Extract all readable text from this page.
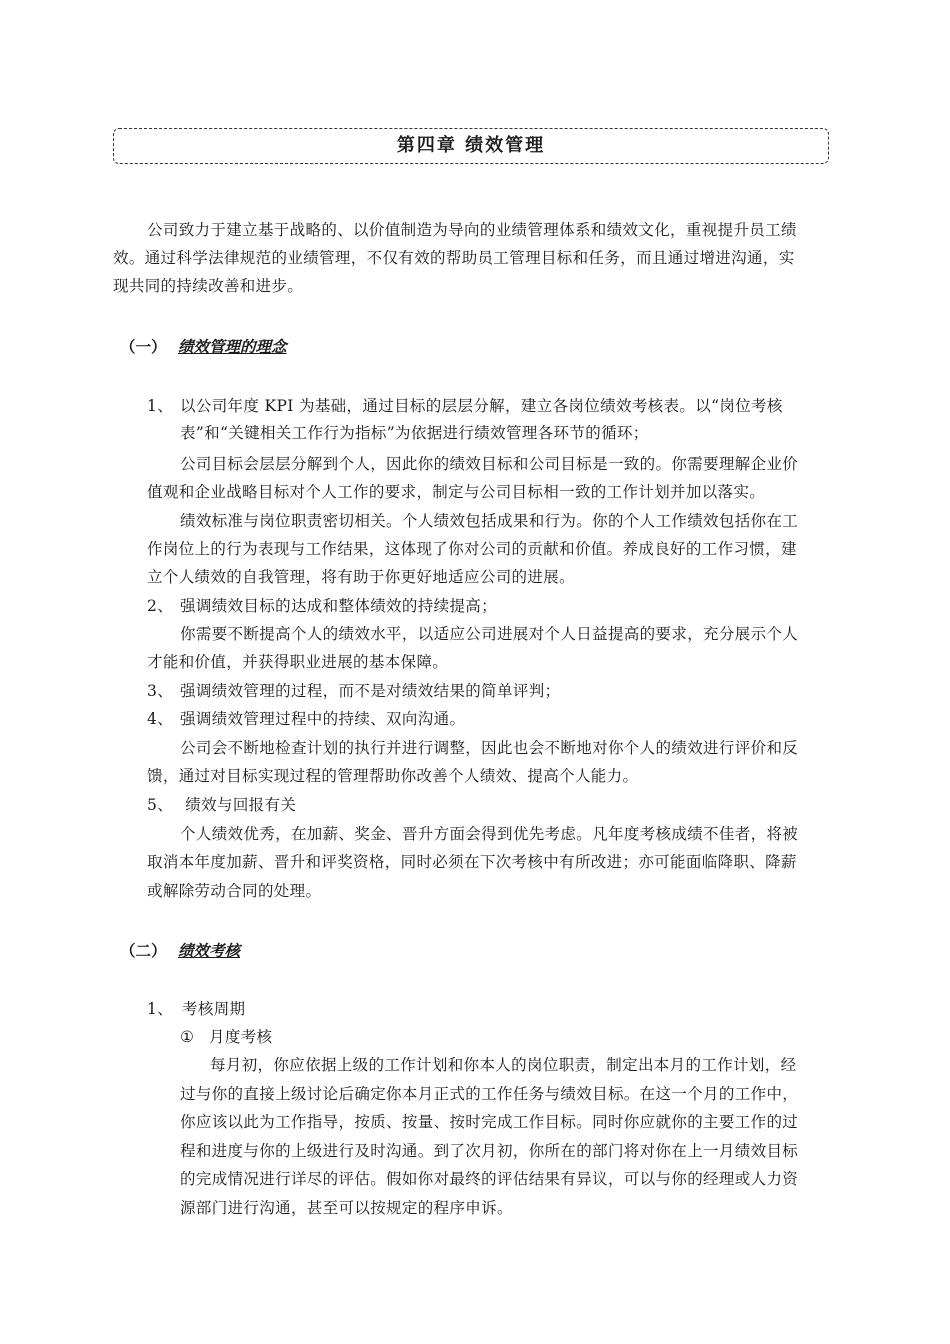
第四章 绩效管理
公司致力于建立基于战略的、以价值制造为导向的业绩管理体系和绩效文化，重视提升员工绩
效。通过科学法律规范的业绩管理，不仅有效的帮助员工管理目标和任务，而且通过增进沟通，实
现共同的持续改善和进步。
（一） 绩效管理的理念
1、 以公司年度 KPI 为基础，通过目标的层层分解，建立各岗位绩效考核表。以“岗位考核
表”和“关键相关工作行为指标”为依据进行绩效管理各环节的循环；
公司目标会层层分解到个人，因此你的绩效目标和公司目标是一致的。你需要理解企业价
值观和企业战略目标对个人工作的要求，制定与公司目标相一致的工作计划并加以落实。
绩效标准与岗位职责密切相关。个人绩效包括成果和行为。你的个人工作绩效包括你在工
作岗位上的行为表现与工作结果，这体现了你对公司的贡献和价值。养成良好的工作习惯，建
立个人绩效的自我管理，将有助于你更好地适应公司的进展。
2、 强调绩效目标的达成和整体绩效的持续提高；
你需要不断提高个人的绩效水平，以适应公司进展对个人日益提高的要求，充分展示个人
才能和价值，并获得职业进展的基本保障。
3、 强调绩效管理的过程，而不是对绩效结果的简单评判；
4、 强调绩效管理过程中的持续、双向沟通。
公司会不断地检查计划的执行并进行调整，因此也会不断地对你个人的绩效进行评价和反
馈，通过对目标实现过程的管理帮助你改善个人绩效、提高个人能力。
5、 绩效与回报有关
个人绩效优秀，在加薪、奖金、晋升方面会得到优先考虑。凡年度考核成绩不佳者，将被
取消本年度加薪、晋升和评奖资格，同时必须在下次考核中有所改进；亦可能面临降职、降薪
或解除劳动合同的处理。
（二） 绩效考核
1、 考核周期
① 月度考核
每月初，你应依据上级的工作计划和你本人的岗位职责，制定出本月的工作计划，经
过与你的直接上级讨论后确定你本月正式的工作任务与绩效目标。在这一个月的工作中，
你应该以此为工作指导，按质、按量、按时完成工作目标。同时你应就你的主要工作的过
程和进度与你的上级进行及时沟通。到了次月初，你所在的部门将对你在上一月绩效目标
的完成情况进行详尽的评估。假如你对最终的评估结果有异议，可以与你的经理或人力资
源部门进行沟通，甚至可以按规定的程序申诉。
